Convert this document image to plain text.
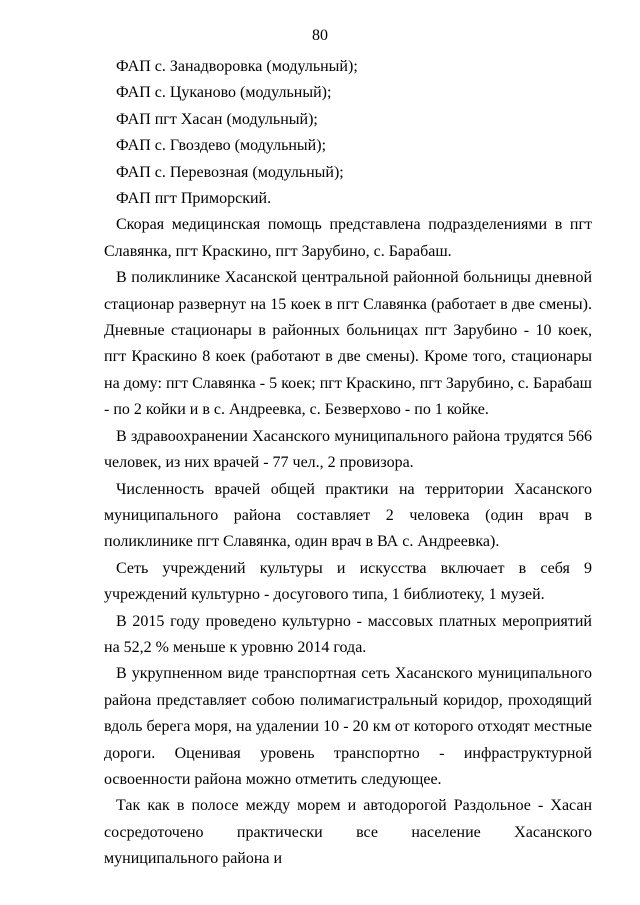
80

ФАП с. Занадворовка (модульный);

ФАП с. Цуканово (модульный);

ФАП пгт Хасан (модульный);

ФАП с. Гвоздево (модульный);

ФАП с. Перевозная (модульный);

ФАП пгт Приморский.

Скорая медицинская помощь представлена подразделениями в пгт Славянка, пгт Краскино, пгт Зарубино, с. Барабаш.

В поликлинике Хасанской центральной районной больницы дневной стационар развернут на 15 коек в пгт Славянка (работает в две смены). Дневные стационары в районных больницах пгт Зарубино - 10 коек, пгт Краскино 8 коек (работают в две смены). Кроме того, стационары на дому: пгт Славянка - 5 коек; пгт Краскино, пгт Зарубино, с. Барабаш - по 2 койки и в с. Андреевка, с. Безверхово - по 1 койке.

В здравоохранении Хасанского муниципального района трудятся 566 человек, из них врачей - 77 чел., 2 провизора.

Численность врачей общей практики на территории Хасанского муниципального района составляет 2 человека (один врач в поликлинике пгт Славянка, один врач в ВА с. Андреевка).

Сеть учреждений культуры и искусства включает в себя 9 учреждений культурно - досугового типа, 1 библиотеку, 1 музей.

В 2015 году проведено культурно - массовых платных мероприятий на 52,2 % меньше к уровню 2014 года.

В укрупненном виде транспортная сеть Хасанского муниципального района представляет собою полимагистральный коридор, проходящий вдоль берега моря, на удалении 10 - 20 км от которого отходят местные дороги. Оценивая уровень транспортно - инфраструктурной освоенности района можно отметить следующее.

Так как в полосе между морем и автодорогой Раздольное - Хасан сосредоточено практически все население Хасанского муниципального района и
